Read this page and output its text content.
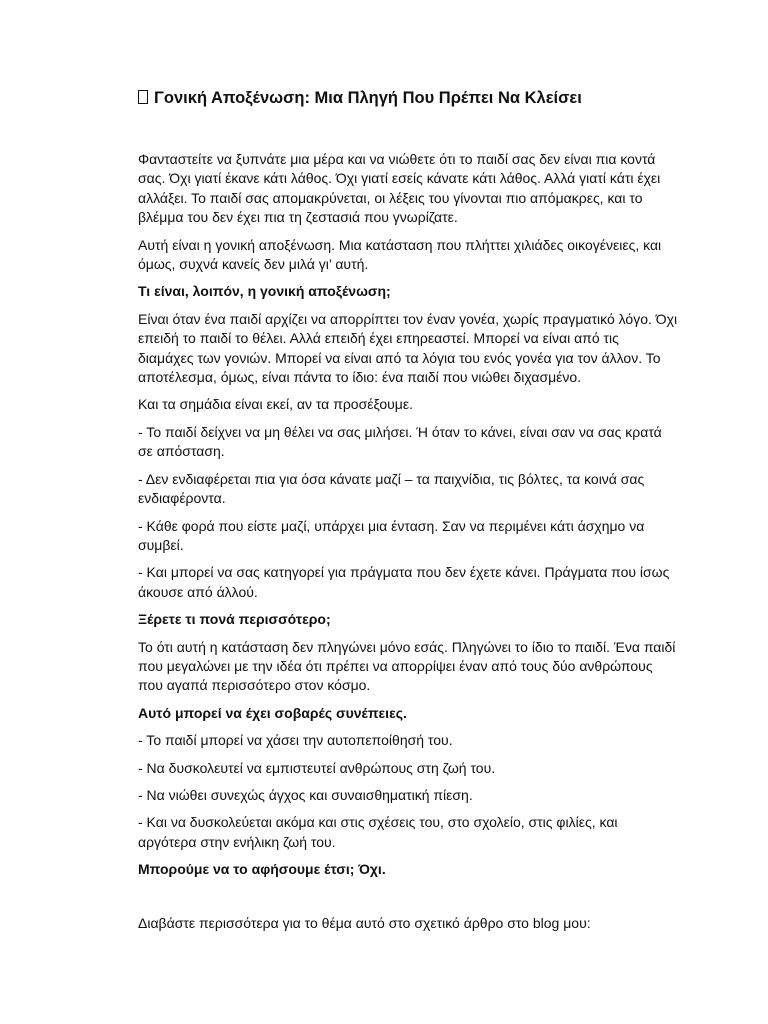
Γονική Αποξένωση: Μια Πληγή Που Πρέπει Να Κλείσει

Φανταστείτε να ξυπνάτε μια μέρα και να νιώθετε ότι το παιδί σας δεν είναι πια κοντά σας. Όχι γιατί έκανε κάτι λάθος. Όχι γιατί εσείς κάνατε κάτι λάθος. Αλλά γιατί κάτι έχει αλλάξει. Το παιδί σας απομακρύνεται, οι λέξεις του γίνονται πιο απόμακρες, και το βλέμμα του δεν έχει πια τη ζεστασιά που γνωρίζατε.

Αυτή είναι η γονική αποξένωση. Μια κατάσταση που πλήττει χιλιάδες οικογένειες, και όμως, συχνά κανείς δεν μιλά γι’ αυτή.

Τι είναι, λοιπόν, η γονική αποξένωση;

Είναι όταν ένα παιδί αρχίζει να απορρίπτει τον έναν γονέα, χωρίς πραγματικό λόγο. Όχι επειδή το παιδί το θέλει. Αλλά επειδή έχει επηρεαστεί. Μπορεί να είναι από τις διαμάχες των γονιών. Μπορεί να είναι από τα λόγια του ενός γονέα για τον άλλον. Το αποτέλεσμα, όμως, είναι πάντα το ίδιο: ένα παιδί που νιώθει διχασμένο.

Και τα σημάδια είναι εκεί, αν τα προσέξουμε.

- Το παιδί δείχνει να μη θέλει να σας μιλήσει. Ή όταν το κάνει, είναι σαν να σας κρατά σε απόσταση.

- Δεν ενδιαφέρεται πια για όσα κάνατε μαζί – τα παιχνίδια, τις βόλτες, τα κοινά σας ενδιαφέροντα.

- Κάθε φορά που είστε μαζί, υπάρχει μια ένταση. Σαν να περιμένει κάτι άσχημο να συμβεί.

- Και μπορεί να σας κατηγορεί για πράγματα που δεν έχετε κάνει. Πράγματα που ίσως άκουσε από άλλού.

Ξέρετε τι πονά περισσότερο;

Το ότι αυτή η κατάσταση δεν πληγώνει μόνο εσάς. Πληγώνει το ίδιο το παιδί. Ένα παιδί που μεγαλώνει με την ιδέα ότι πρέπει να απορρίψει έναν από τους δύο ανθρώπους που αγαπά περισσότερο στον κόσμο.

Αυτό μπορεί να έχει σοβαρές συνέπειες.

- Το παιδί μπορεί να χάσει την αυτοπεποίθησή του.

- Να δυσκολευτεί να εμπιστευτεί ανθρώπους στη ζωή του.

- Να νιώθει συνεχώς άγχος και συναισθηματική πίεση.

- Και να δυσκολεύεται ακόμα και στις σχέσεις του, στο σχολείο, στις φιλίες, και αργότερα στην ενήλικη ζωή του.

Μπορούμε να το αφήσουμε έτσι; Όχι.

Διαβάστε περισσότερα για το θέμα αυτό στο σχετικό άρθρο στο blog μου:
